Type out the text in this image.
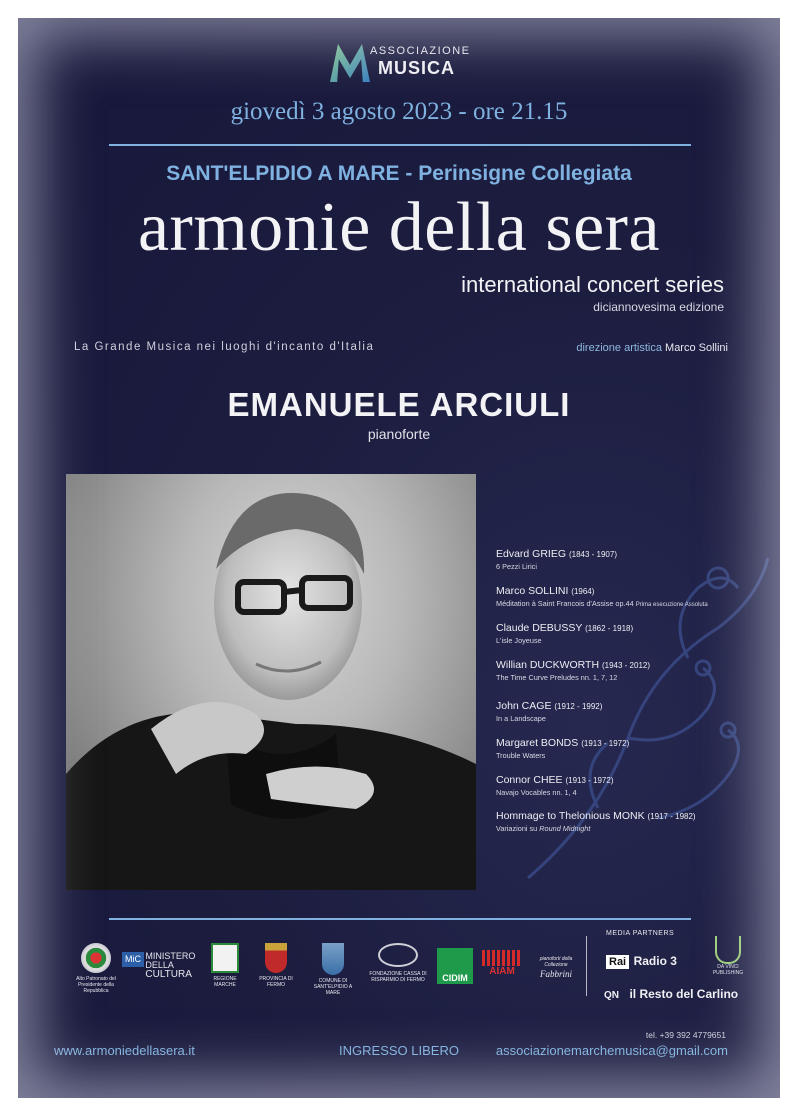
ASSOCIAZIONE
MUSICA
giovedì 3 agosto 2023 - ore 21.15
SANT'ELPIDIO A MARE - Perinsigne Collegiata
armonie della sera
international concert series
diciannovesima edizione
La Grande Musica nei luoghi d'incanto d'Italia	direzione artistica Marco Sollini
EMANUELE ARCIULI
pianoforte
Edvard GRIEG (1843 - 1907)
6 Pezzi Lirici
Marco SOLLINI (1964)
Méditation à Saint Francois d'Assise op.44 Prima esecuzione Assoluta
Claude DEBUSSY (1862 - 1918)
L'isle Joyeuse
Willian DUCKWORTH (1943 - 2012)
The Time Curve Preludes nn. 1, 7, 12
John CAGE (1912 - 1992)
In a Landscape
Margaret BONDS (1913 - 1972)
Trouble Waters
Connor CHEE (1913 - 1972)
Navajo Vocables nn. 1, 4
Hommage to Thelonious MONK (1917 - 1982)
Variazioni su Round Midnight
Alto Patronato del Presidente della Repubblica
MiC MINISTERO
DELLA
CULTURA	REGIONE MARCHE
PROVINCIA DI FERMO
COMUNE DI SANT'ELPIDIO A MARE
FONDAZIONE CASSA DI RISPARMIO DI FERMO	CIDIM
AIAM
pianoforti della Collezione
Fabbrini
MEDIA PARTNERS
Rai Radio 3	DA VINCI PUBLISHING
QN il Resto del Carlino
tel. +39 392 4779651
www.armoniedellasera.it	INGRESSO LIBERO	associazionemarchemusica@gmail.com
